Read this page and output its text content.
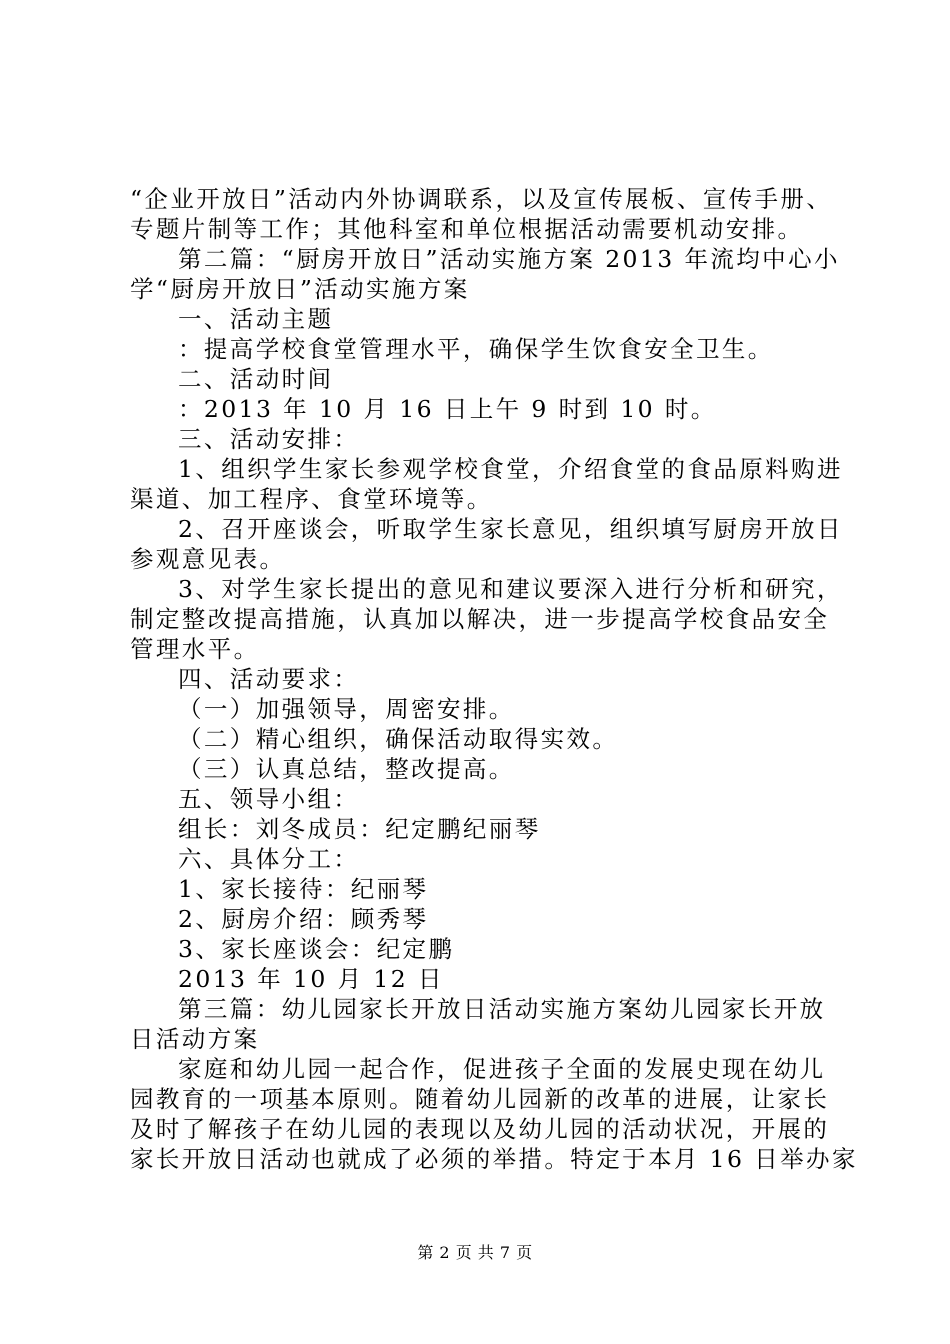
“企业开放日”活动内外协调联系，以及宣传展板、宣传手册、
专题片制等工作；其他科室和单位根据活动需要机动安排。
第二篇：“厨房开放日”活动实施方案 2013 年流均中心小
学“厨房开放日”活动实施方案
一、活动主题
：提高学校食堂管理水平，确保学生饮食安全卫生。
二、活动时间
：2013 年 10 月 16 日上午 9 时到 10 时。
三、活动安排：
1、组织学生家长参观学校食堂，介绍食堂的食品原料购进
渠道、加工程序、食堂环境等。
2、召开座谈会，听取学生家长意见，组织填写厨房开放日
参观意见表。
3、对学生家长提出的意见和建议要深入进行分析和研究，
制定整改提高措施，认真加以解决，进一步提高学校食品安全
管理水平。
四、活动要求：
（一）加强领导，周密安排。
（二）精心组织，确保活动取得实效。
（三）认真总结，整改提高。
五、领导小组：
组长：刘冬成员：纪定鹏纪丽琴
六、具体分工：
1、家长接待：纪丽琴
2、厨房介绍：顾秀琴
3、家长座谈会：纪定鹏
2013 年 10 月 12 日
第三篇：幼儿园家长开放日活动实施方案幼儿园家长开放
日活动方案
家庭和幼儿园一起合作，促进孩子全面的发展史现在幼儿
园教育的一项基本原则。随着幼儿园新的改革的进展，让家长
及时了解孩子在幼儿园的表现以及幼儿园的活动状况，开展的
家长开放日活动也就成了必须的举措。特定于本月 16 日举办家
第 2 页 共 7 页
